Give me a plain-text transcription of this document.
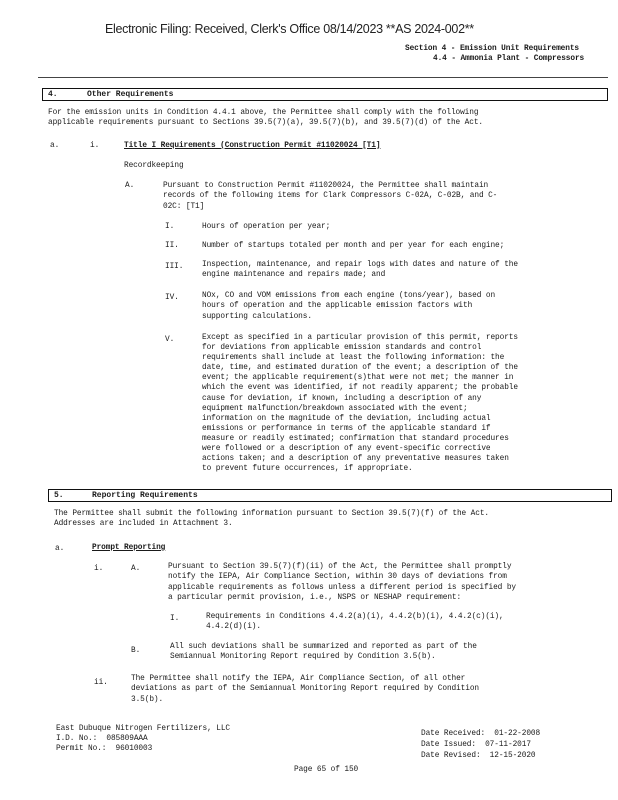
Electronic Filing: Received, Clerk's Office 08/14/2023 **AS 2024-002**
Section 4 - Emission Unit Requirements
4.4 - Ammonia Plant - Compressors
4.	Other Requirements
For the emission units in Condition 4.4.1 above, the Permittee shall comply with the following
applicable requirements pursuant to Sections 39.5(7)(a), 39.5(7)(b), and 39.5(7)(d) of the Act.
a.	i.	Title I Requirements (Construction Permit #11020024 [T1]
Recordkeeping
A.	Pursuant to Construction Permit #11020024, the Permittee shall maintain
records of the following items for Clark Compressors C-02A, C-02B, and C-
02C: [T1]
I.	Hours of operation per year;
II.	Number of startups totaled per month and per year for each engine;
III. Inspection, maintenance, and repair logs with dates and nature of the
engine maintenance and repairs made; and
IV.	NOx, CO and VOM emissions from each engine (tons/year), based on
hours of operation and the applicable emission factors with
supporting calculations.
V.	Except as specified in a particular provision of this permit, reports
for deviations from applicable emission standards and control
requirements shall include at least the following information: the
date, time, and estimated duration of the event; a description of the
event; the applicable requirement(s)that were not met; the manner in
which the event was identified, if not readily apparent; the probable
cause for deviation, if known, including a description of any
equipment malfunction/breakdown associated with the event;
information on the magnitude of the deviation, including actual
emissions or performance in terms of the applicable standard if
measure or readily estimated; confirmation that standard procedures
were followed or a description of any event-specific corrective
actions taken; and a description of any preventative measures taken
to prevent future occurrences, if appropriate.
5.	Reporting Requirements
The Permittee shall submit the following information pursuant to Section 39.5(7)(f) of the Act.
Addresses are included in Attachment 3.
a.	Prompt Reporting
i.	A.	Pursuant to Section 39.5(7)(f)(ii) of the Act, the Permittee shall promptly
notify the IEPA, Air Compliance Section, within 30 days of deviations from
applicable requirements as follows unless a different period is specified by
a particular permit provision, i.e., NSPS or NESHAP requirement:
I.	Requirements in Conditions 4.4.2(a)(i), 4.4.2(b)(i), 4.4.2(c)(i),
4.4.2(d)(i).
B.	All such deviations shall be summarized and reported as part of the
Semiannual Monitoring Report required by Condition 3.5(b).
ii.	The Permittee shall notify the IEPA, Air Compliance Section, of all other
deviations as part of the Semiannual Monitoring Report required by Condition
3.5(b).
East Dubuque Nitrogen Fertilizers, LLC
I.D. No.:  085809AAA
Permit No.:  96010003
Date Received:  01-22-2008
Date Issued:  07-11-2017
Date Revised:  12-15-2020
Page 65 of 150
